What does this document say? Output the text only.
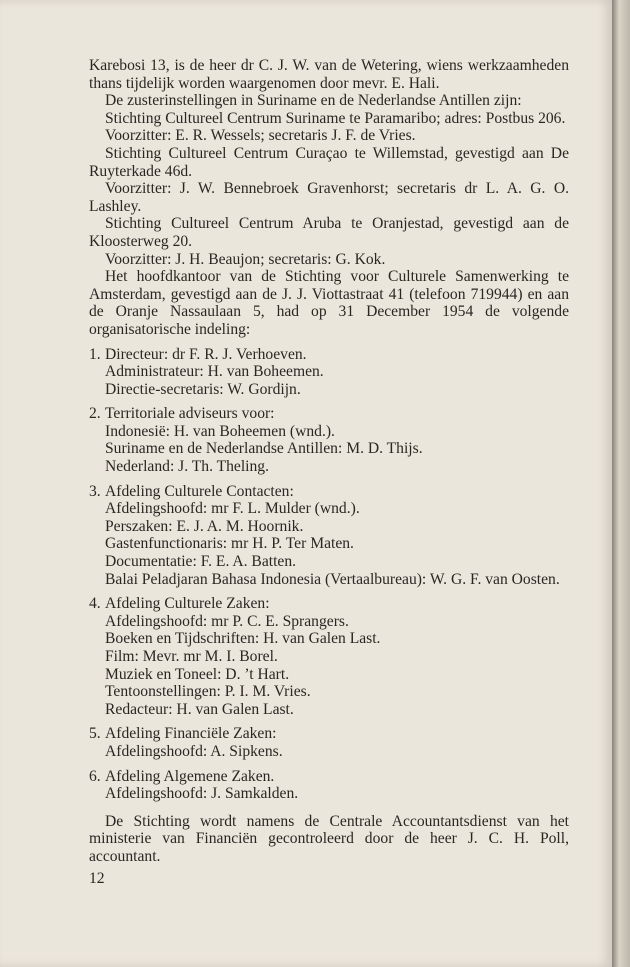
Karebosi 13, is de heer dr C. J. W. van de Wetering, wiens werkzaamheden thans tijdelijk worden waargenomen door mevr. E. Hali.

De zusterinstellingen in Suriname en de Nederlandse Antillen zijn:

Stichting Cultureel Centrum Suriname te Paramaribo; adres: Postbus 206.

Voorzitter: E. R. Wessels; secretaris J. F. de Vries.

Stichting Cultureel Centrum Curaçao te Willemstad, gevestigd aan De Ruyterkade 46d.

Voorzitter: J. W. Bennebroek Gravenhorst; secretaris dr L. A. G. O. Lashley.

Stichting Cultureel Centrum Aruba te Oranjestad, gevestigd aan de Kloosterweg 20.

Voorzitter: J. H. Beaujon; secretaris: G. Kok.

Het hoofdkantoor van de Stichting voor Culturele Samenwerking te Amsterdam, gevestigd aan de J. J. Viottastraat 41 (telefoon 719944) en aan de Oranje Nassaulaan 5, had op 31 December 1954 de volgende organisatorische indeling:

1. Directeur: dr F. R. J. Verhoeven.

Administrateur: H. van Boheemen.

Directie-secretaris: W. Gordijn.

2. Territoriale adviseurs voor:

Indonesië: H. van Boheemen (wnd.).

Suriname en de Nederlandse Antillen: M. D. Thijs.

Nederland: J. Th. Theling.

3. Afdeling Culturele Contacten:

Afdelingshoofd: mr F. L. Mulder (wnd.).

Perszaken: E. J. A. M. Hoornik.

Gastenfunctionaris: mr H. P. Ter Maten.

Documentatie: F. E. A. Batten.

Balai Peladjaran Bahasa Indonesia (Vertaalbureau): W. G. F. van Oosten.

4. Afdeling Culturele Zaken:

Afdelingshoofd: mr P. C. E. Sprangers.

Boeken en Tijdschriften: H. van Galen Last.

Film: Mevr. mr M. I. Borel.

Muziek en Toneel: D. ’t Hart.

Tentoonstellingen: P. I. M. Vries.

Redacteur: H. van Galen Last.

5. Afdeling Financiële Zaken:

Afdelingshoofd: A. Sipkens.

6. Afdeling Algemene Zaken.

Afdelingshoofd: J. Samkalden.

De Stichting wordt namens de Centrale Accountantsdienst van het ministerie van Financiën gecontroleerd door de heer J. C. H. Poll, accountant.

12
